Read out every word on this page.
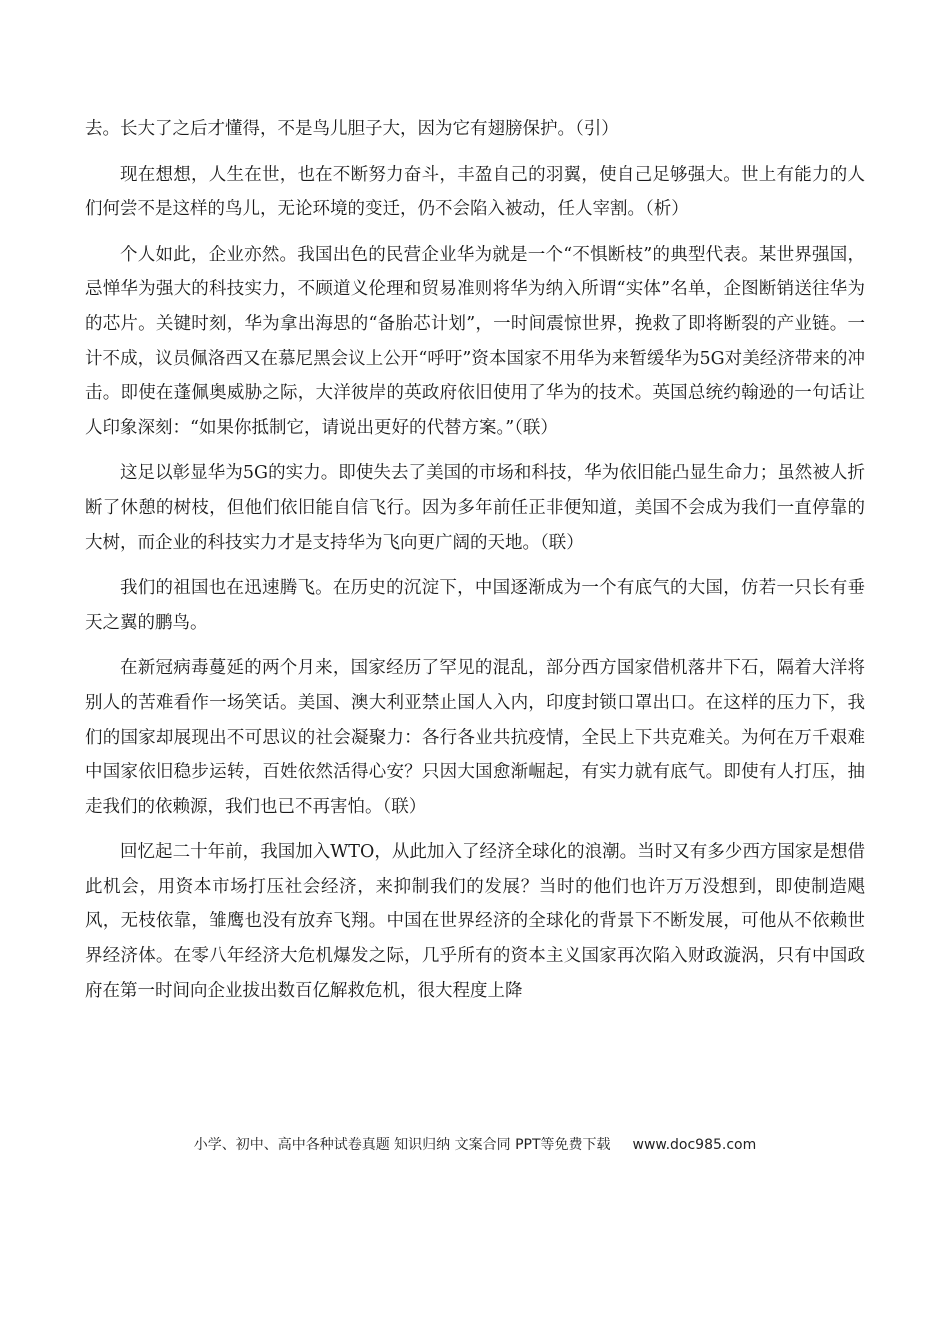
去。长大了之后才懂得，不是鸟儿胆子大，因为它有翅膀保护。（引）

现在想想，人生在世，也在不断努力奋斗，丰盈自己的羽翼，使自己足够强大。世上有能力的人们何尝不是这样的鸟儿，无论环境的变迁，仍不会陷入被动，任人宰割。（析）

个人如此，企业亦然。我国出色的民营企业华为就是一个“不惧断枝”的典型代表。某世界强国，忌惮华为强大的科技实力，不顾道义伦理和贸易准则将华为纳入所谓“实体”名单，企图断销送往华为的芯片。关键时刻，华为拿出海思的“备胎芯计划”，一时间震惊世界，挽救了即将断裂的产业链。一计不成，议员佩洛西又在慕尼黑会议上公开“呼吁”资本国家不用华为来暂缓华为5G对美经济带来的冲击。即使在蓬佩奥威胁之际，大洋彼岸的英政府依旧使用了华为的技术。英国总统约翰逊的一句话让人印象深刻：“如果你抵制它，请说出更好的代替方案。”（联）

这足以彰显华为5G的实力。即使失去了美国的市场和科技，华为依旧能凸显生命力；虽然被人折断了休憩的树枝，但他们依旧能自信飞行。因为多年前任正非便知道，美国不会成为我们一直停靠的大树，而企业的科技实力才是支持华为飞向更广阔的天地。（联）

我们的祖国也在迅速腾飞。在历史的沉淀下，中国逐渐成为一个有底气的大国，仿若一只长有垂天之翼的鹏鸟。

在新冠病毒蔓延的两个月来，国家经历了罕见的混乱，部分西方国家借机落井下石，隔着大洋将别人的苦难看作一场笑话。美国、澳大利亚禁止国人入内，印度封锁口罩出口。在这样的压力下，我们的国家却展现出不可思议的社会凝聚力：各行各业共抗疫情，全民上下共克难关。为何在万千艰难中国家依旧稳步运转，百姓依然活得心安？只因大国愈渐崛起，有实力就有底气。即使有人打压，抽走我们的依赖源，我们也已不再害怕。（联）

回忆起二十年前，我国加入WTO，从此加入了经济全球化的浪潮。当时又有多少西方国家是想借此机会，用资本市场打压社会经济，来抑制我们的发展？当时的他们也许万万没想到，即使制造飓风，无枝依靠，雏鹰也没有放弃飞翔。中国在世界经济的全球化的背景下不断发展，可他从不依赖世界经济体。在零八年经济大危机爆发之际，几乎所有的资本主义国家再次陷入财政漩涡，只有中国政府在第一时间向企业拔出数百亿解救危机，很大程度上降

小学、初中、高中各种试卷真题 知识归纳 文案合同 PPT等免费下载 www.doc985.com
